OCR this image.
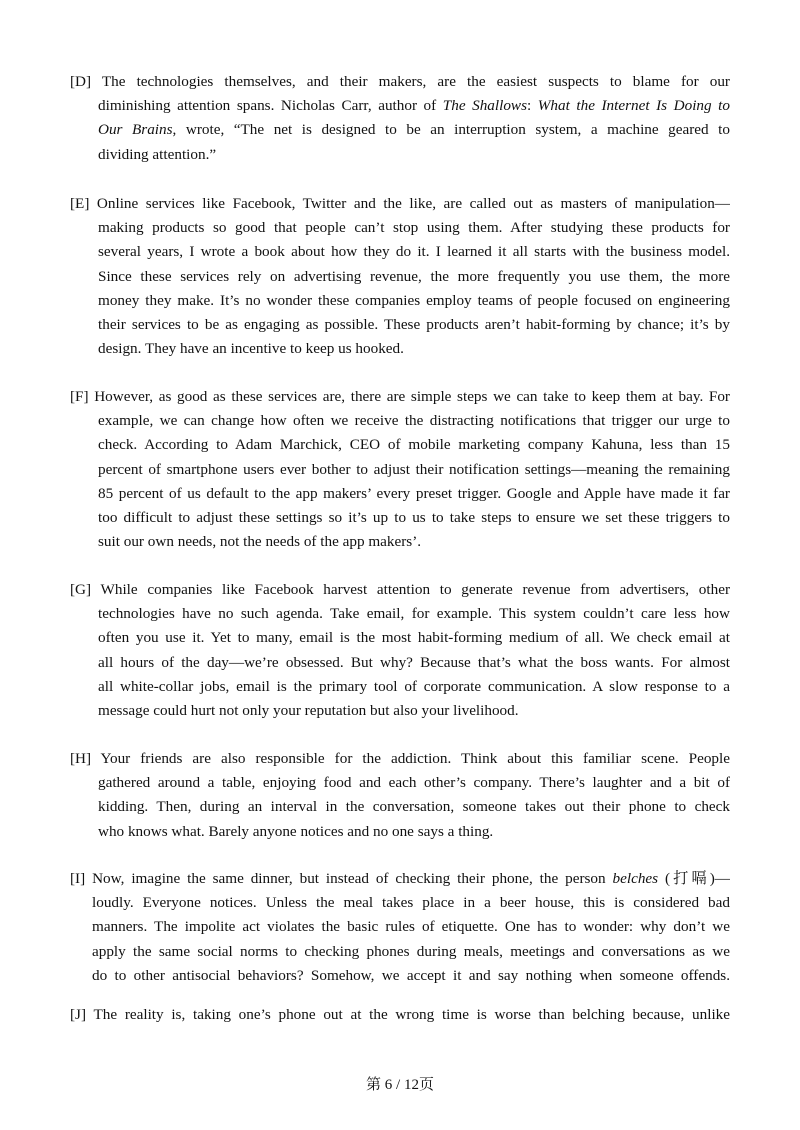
[D] The technologies themselves, and their makers, are the easiest suspects to blame for our
diminishing attention spans. Nicholas Carr, author of The Shallows: What the Internet Is Doing to
Our Brains, wrote, “The net is designed to be an interruption system, a machine geared to
dividing attention.”
[E] Online services like Facebook, Twitter and the like, are called out as masters of manipulation—
making products so good that people can’t stop using them. After studying these products for
several years, I wrote a book about how they do it. I learned it all starts with the business model.
Since these services rely on advertising revenue, the more frequently you use them, the more
money they make. It’s no wonder these companies employ teams of people focused on engineering
their services to be as engaging as possible. These products aren’t habit-forming by chance; it’s by
design. They have an incentive to keep us hooked.
[F] However, as good as these services are, there are simple steps we can take to keep them at bay. For
example, we can change how often we receive the distracting notifications that trigger our urge to
check. According to Adam Marchick, CEO of mobile marketing company Kahuna, less than 15
percent of smartphone users ever bother to adjust their notification settings—meaning the remaining
85 percent of us default to the app makers’ every preset trigger. Google and Apple have made it far
too difficult to adjust these settings so it’s up to us to take steps to ensure we set these triggers to
suit our own needs, not the needs of the app makers’.
[G] While companies like Facebook harvest attention to generate revenue from advertisers, other
technologies have no such agenda. Take email, for example. This system couldn’t care less how
often you use it. Yet to many, email is the most habit-forming medium of all. We check email at
all hours of the day—we’re obsessed. But why? Because that’s what the boss wants. For almost
all white-collar jobs, email is the primary tool of corporate communication. A slow response to a
message could hurt not only your reputation but also your livelihood.
[H] Your friends are also responsible for the addiction. Think about this familiar scene. People
gathered around a table, enjoying food and each other’s company. There’s laughter and a bit of
kidding. Then, during an interval in the conversation, someone takes out their phone to check
who knows what. Barely anyone notices and no one says a thing.
[I] Now, imagine the same dinner, but instead of checking their phone, the person belches (打嗝)—
loudly. Everyone notices. Unless the meal takes place in a beer house, this is considered bad
manners. The impolite act violates the basic rules of etiquette. One has to wonder: why don’t we
apply the same social norms to checking phones during meals, meetings and conversations as we
do to other antisocial behaviors? Somehow, we accept it and say nothing when someone offends.
[J] The reality is, taking one’s phone out at the wrong time is worse than belching because, unlike
第 6 / 12页
